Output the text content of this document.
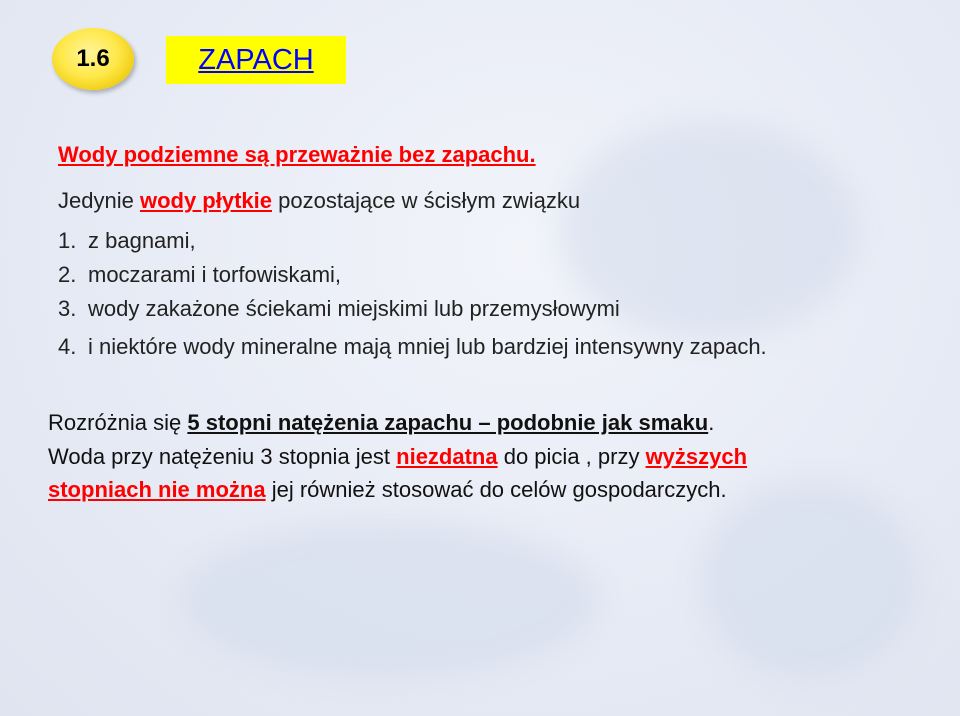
1.6	ZAPACH
Wody podziemne są przeważnie bez zapachu.
Jedynie wody płytkie pozostające w ścisłym związku
1. z bagnami,
2. moczarami i torfowiskami,
3. wody zakażone ściekami miejskimi lub przemysłowymi
4. i niektóre wody mineralne mają mniej lub bardziej intensywny zapach.
Rozróżnia się 5 stopni natężenia zapachu – podobnie jak smaku.
Woda przy natężeniu 3 stopnia jest niezdatna do picia , przy wyższych
stopniach nie można jej również stosować do celów gospodarczych.
